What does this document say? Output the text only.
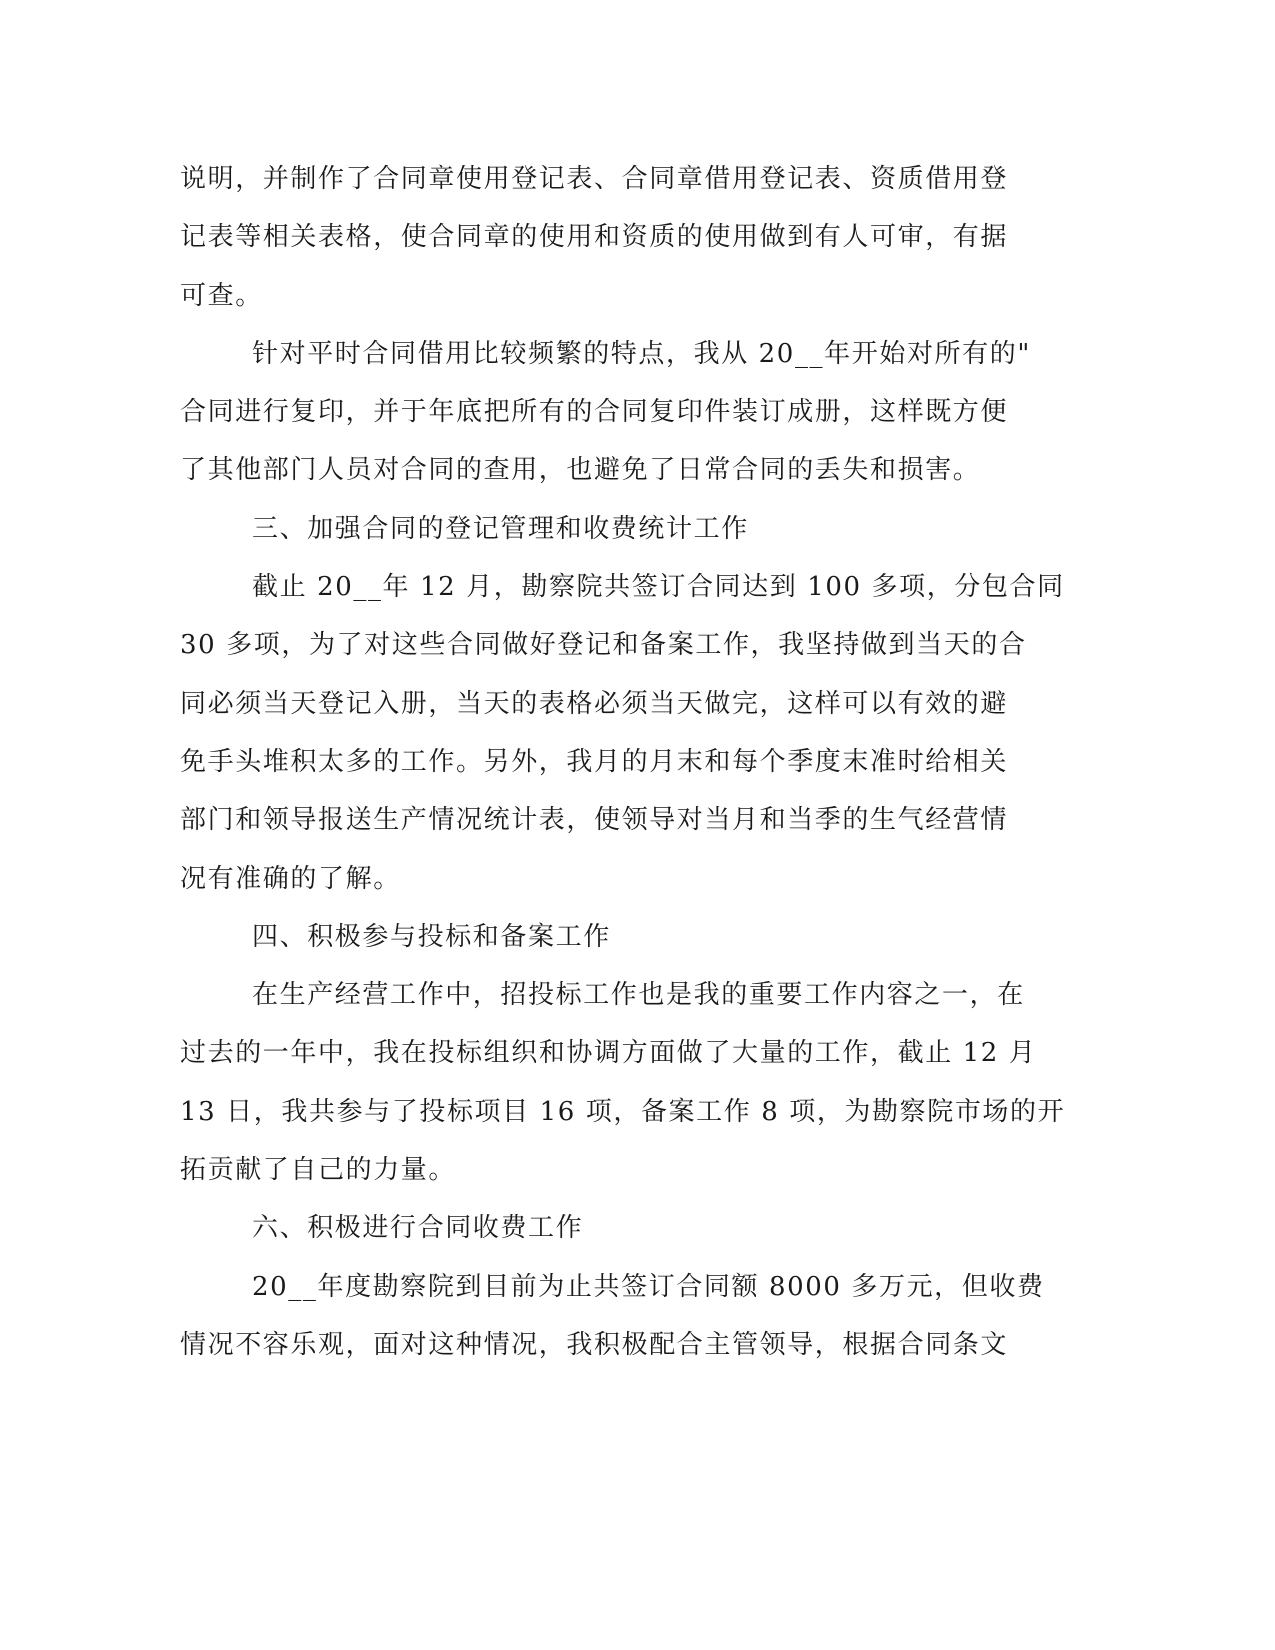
说明，并制作了合同章使用登记表、合同章借用登记表、资质借用登
记表等相关表格，使合同章的使用和资质的使用做到有人可审，有据
可查。
针对平时合同借用比较频繁的特点，我从 20__年开始对所有的"
合同进行复印，并于年底把所有的合同复印件装订成册，这样既方便
了其他部门人员对合同的查用，也避免了日常合同的丢失和损害。
三、加强合同的登记管理和收费统计工作
截止 20__年 12 月，勘察院共签订合同达到 100 多项，分包合同
30 多项，为了对这些合同做好登记和备案工作，我坚持做到当天的合
同必须当天登记入册，当天的表格必须当天做完，这样可以有效的避
免手头堆积太多的工作。另外，我月的月末和每个季度末准时给相关
部门和领导报送生产情况统计表，使领导对当月和当季的生气经营情
况有准确的了解。
四、积极参与投标和备案工作
在生产经营工作中，招投标工作也是我的重要工作内容之一，在
过去的一年中，我在投标组织和协调方面做了大量的工作，截止 12 月
13 日，我共参与了投标项目 16 项，备案工作 8 项，为勘察院市场的开
拓贡献了自己的力量。
六、积极进行合同收费工作
20__年度勘察院到目前为止共签订合同额 8000 多万元，但收费
情况不容乐观，面对这种情况，我积极配合主管领导，根据合同条文
